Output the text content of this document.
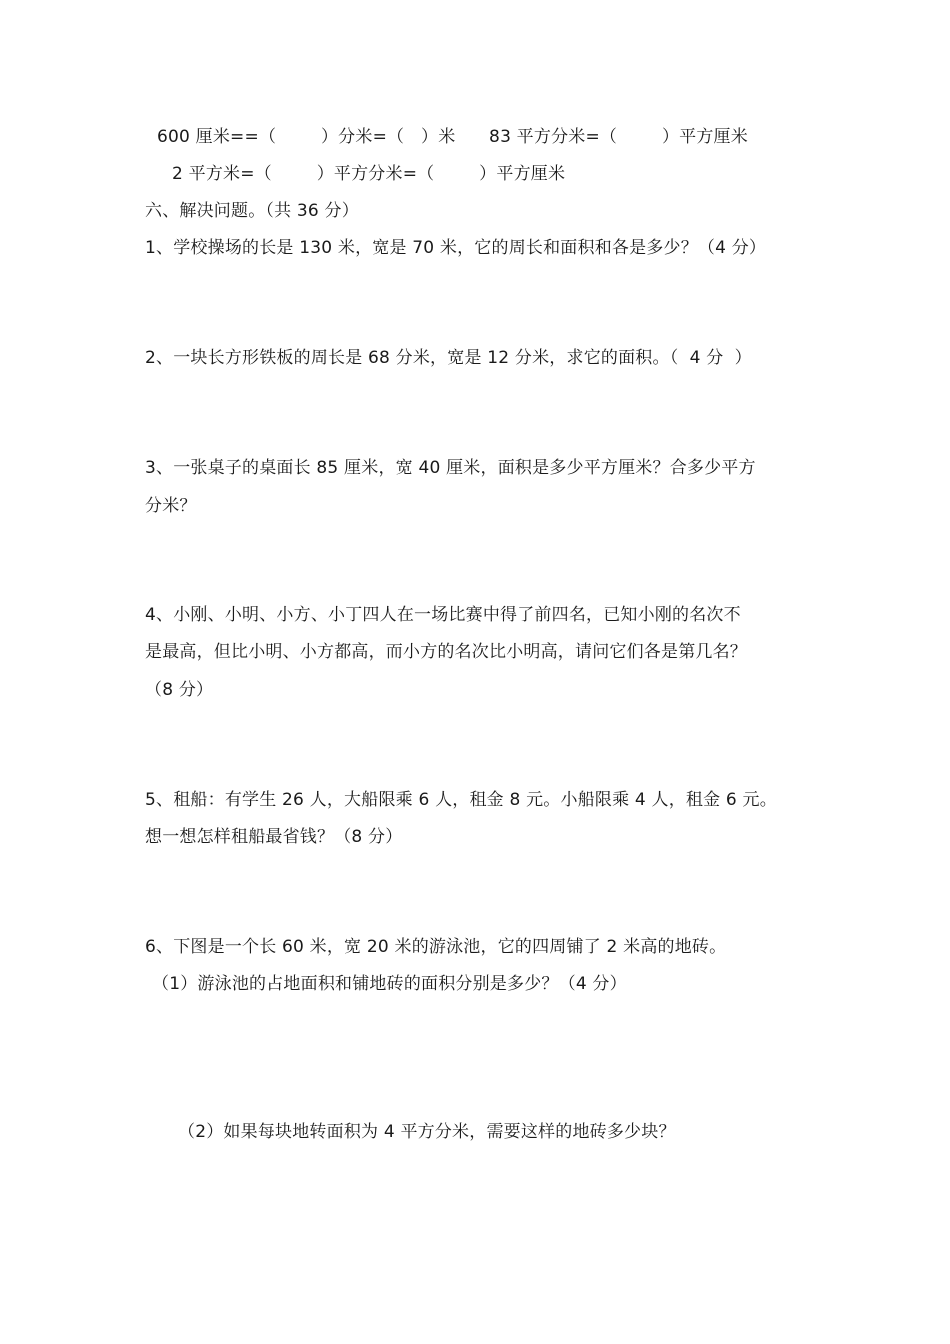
600 厘米==（        ）分米=（   ）米      83 平方分米=（        ）平方厘米
2 平方米=（        ）平方分米=（        ）平方厘米
六、解决问题。（共 36 分）
1、学校操场的长是 130 米，宽是 70 米，它的周长和面积和各是多少？（4 分）
2、一块长方形铁板的周长是 68 分米，宽是 12 分米，求它的面积。（  4 分  ）
3、一张桌子的桌面长 85 厘米，宽 40 厘米，面积是多少平方厘米？合多少平方
分米？
4、小刚、小明、小方、小丁四人在一场比赛中得了前四名，已知小刚的名次不
是最高，但比小明、小方都高，而小方的名次比小明高，请问它们各是第几名？
（8 分）
5、租船：有学生 26 人，大船限乘 6 人，租金 8 元。小船限乘 4 人，租金 6 元。
想一想怎样租船最省钱？（8 分）
6、下图是一个长 60 米，宽 20 米的游泳池，它的四周铺了 2 米高的地砖。
（1）游泳池的占地面积和铺地砖的面积分别是多少？（4 分）
（2）如果每块地转面积为 4 平方分米，需要这样的地砖多少块？
